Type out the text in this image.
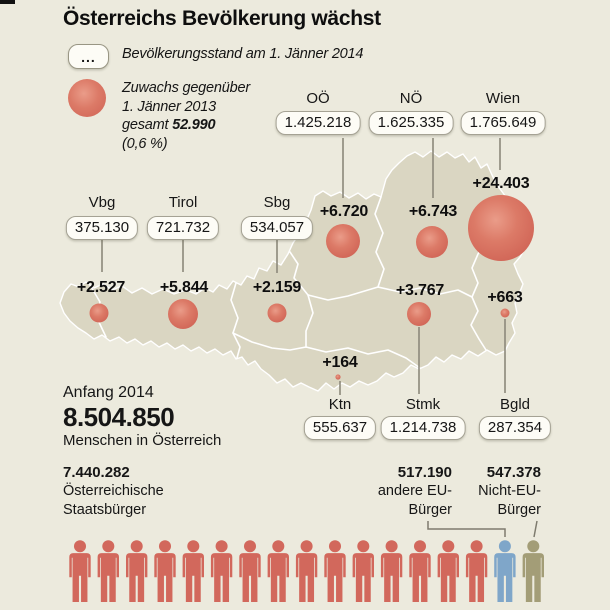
Österreichs Bevölkerung wächst
... Bevölkerungsstand am 1. Jänner 2014
Zuwachs gegenüber
1. Jänner 2013
gesamt 52.990
(0,6 %)
Vbg
375.130
+2.527
Tirol
721.732
+5.844
Sbg
534.057
+2.159
OÖ
1.425.218
+6.720
NÖ
1.625.335
+6.743
Wien
1.765.649
+24.403
Ktn
555.637
+164
Stmk
1.214.738
+3.767
Bgld
287.354
+663
Anfang 2014
8.504.850
Menschen in Österreich
7.440.282
Österreichische
Staatsbürger
517.190
andere EU-
Bürger
547.378
Nicht-EU-
Bürger
